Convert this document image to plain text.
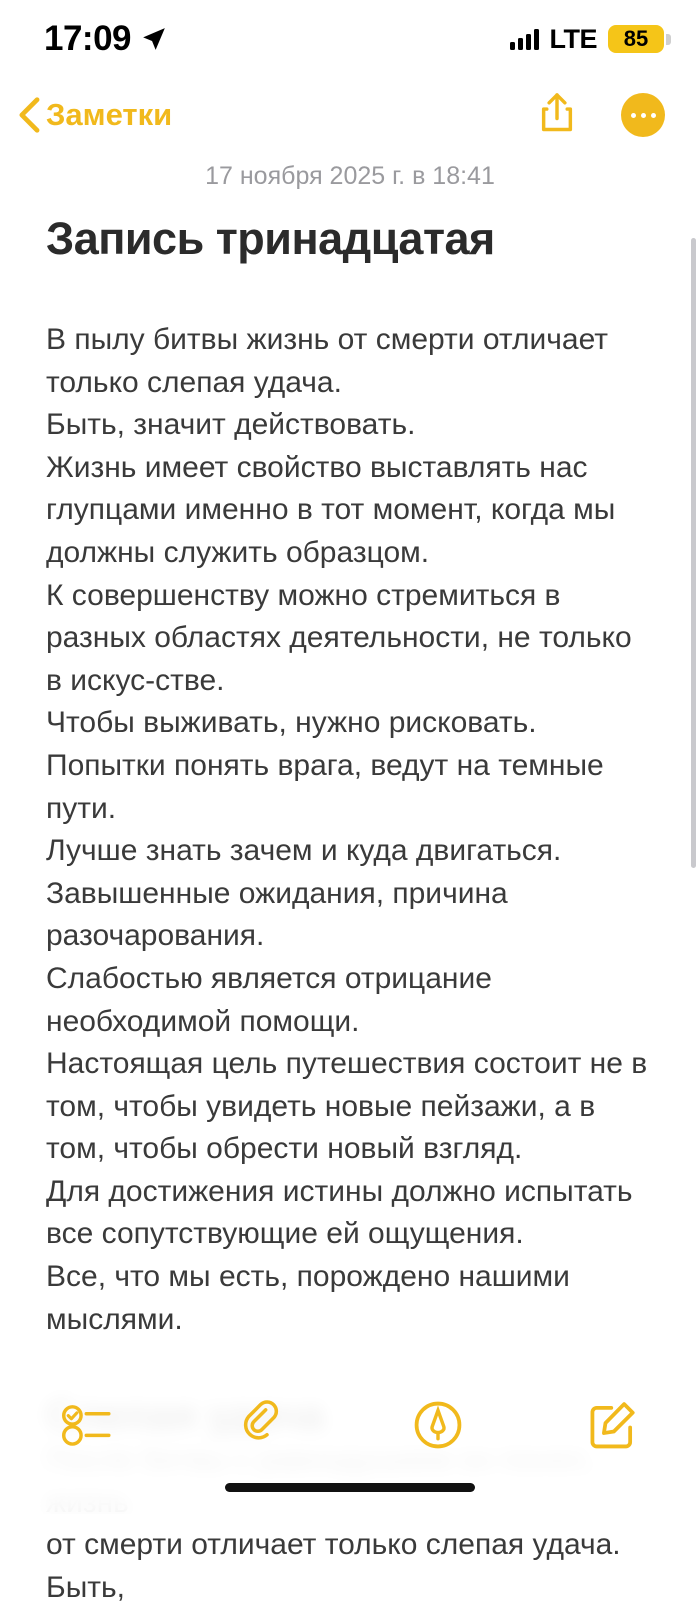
17:09	LTE 85
Заметки
17 ноября 2025 г. в 18:41
Запись тринадцатая

В пылу битвы жизнь от смерти отличает только слепая удача.

Быть, значит действовать.

Жизнь имеет свойство выставлять нас глупцами именно в тот момент, когда мы должны служить образцом.

К совершенству можно стремиться в разных областях деятельности, не только в искус-стве.

Чтобы выживать, нужно рисковать.

Попытки понять врага, ведут на темные пути.

Лучше знать зачем и куда двигаться.

Завышенные ожидания, причина разочарования.

Слабостью является отрицание необходимой помощи.

Настоящая цель путешествия состоит не в том, чтобы увидеть новые пейзажи, а в том, чтобы обрести новый взгляд.

Для достижения истины должно испытать все сопутствующие ей ощущения.

Все, что мы есть, порождено нашими мыслями.

от смерти отличает только слепая удача. Быть,
